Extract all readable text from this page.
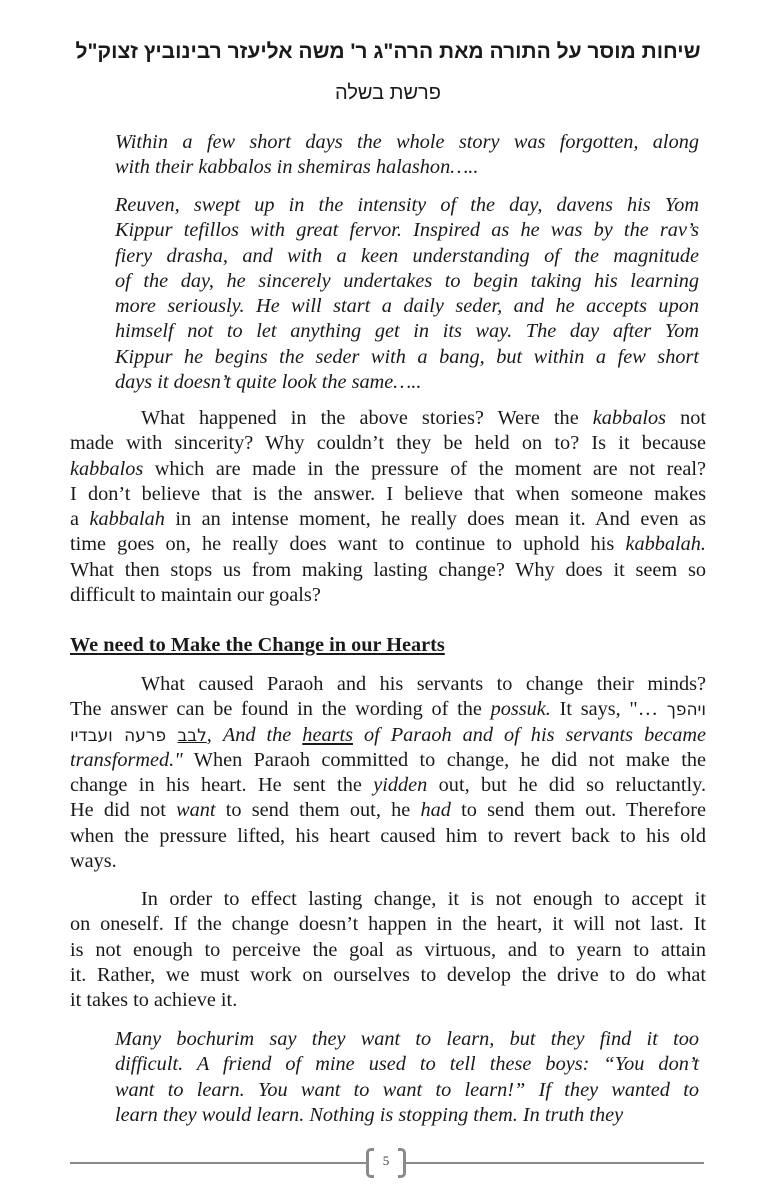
שיחות מוסר על התורה מאת הרה"ג ר' משה אליעזר רבינוביץ זצוק"ל
פרשת בשלה
Within a few short days the whole story was forgotten, along
with their kabbalos in shemiras halashon…..
Reuven, swept up in the intensity of the day, davens his Yom
Kippur tefillos with great fervor. Inspired as he was by the rav’s
fiery drasha, and with a keen understanding of the magnitude
of the day, he sincerely undertakes to begin taking his learning
more seriously. He will start a daily seder, and he accepts upon
himself not to let anything get in its way. The day after Yom
Kippur he begins the seder with a bang, but within a few short
days it doesn’t quite look the same…..
What happened in the above stories? Were the kabbalos not
made with sincerity? Why couldn’t they be held on to? Is it because
kabbalos which are made in the pressure of the moment are not real?
I don’t believe that is the answer. I believe that when someone makes
a kabbalah in an intense moment, he really does mean it. And even as
time goes on, he really does want to continue to uphold his kabbalah.
What then stops us from making lasting change? Why does it seem so
difficult to maintain our goals?
What caused Paraoh and his servants to change their minds?
The answer can be found in the wording of the possuk. It says, "… ויהפך
לבב פרעה ועבדיו , And the hearts of Paraoh and of his servants became
transformed." When Paraoh committed to change, he did not make the
change in his heart. He sent the yidden out, but he did so reluctantly.
He did not want to send them out, he had to send them out. Therefore
when the pressure lifted, his heart caused him to revert back to his old
ways.
In order to effect lasting change, it is not enough to accept it
on oneself. If the change doesn’t happen in the heart, it will not last. It
is not enough to perceive the goal as virtuous, and to yearn to attain
it. Rather, we must work on ourselves to develop the drive to do what
it takes to achieve it.
Many bochurim say they want to learn, but they find it too
difficult. A friend of mine used to tell these boys: “You don’t
want to learn. You want to want to learn!” If they wanted to
learn they would learn. Nothing is stopping them. In truth they
We need to Make the Change in our Hearts
5
